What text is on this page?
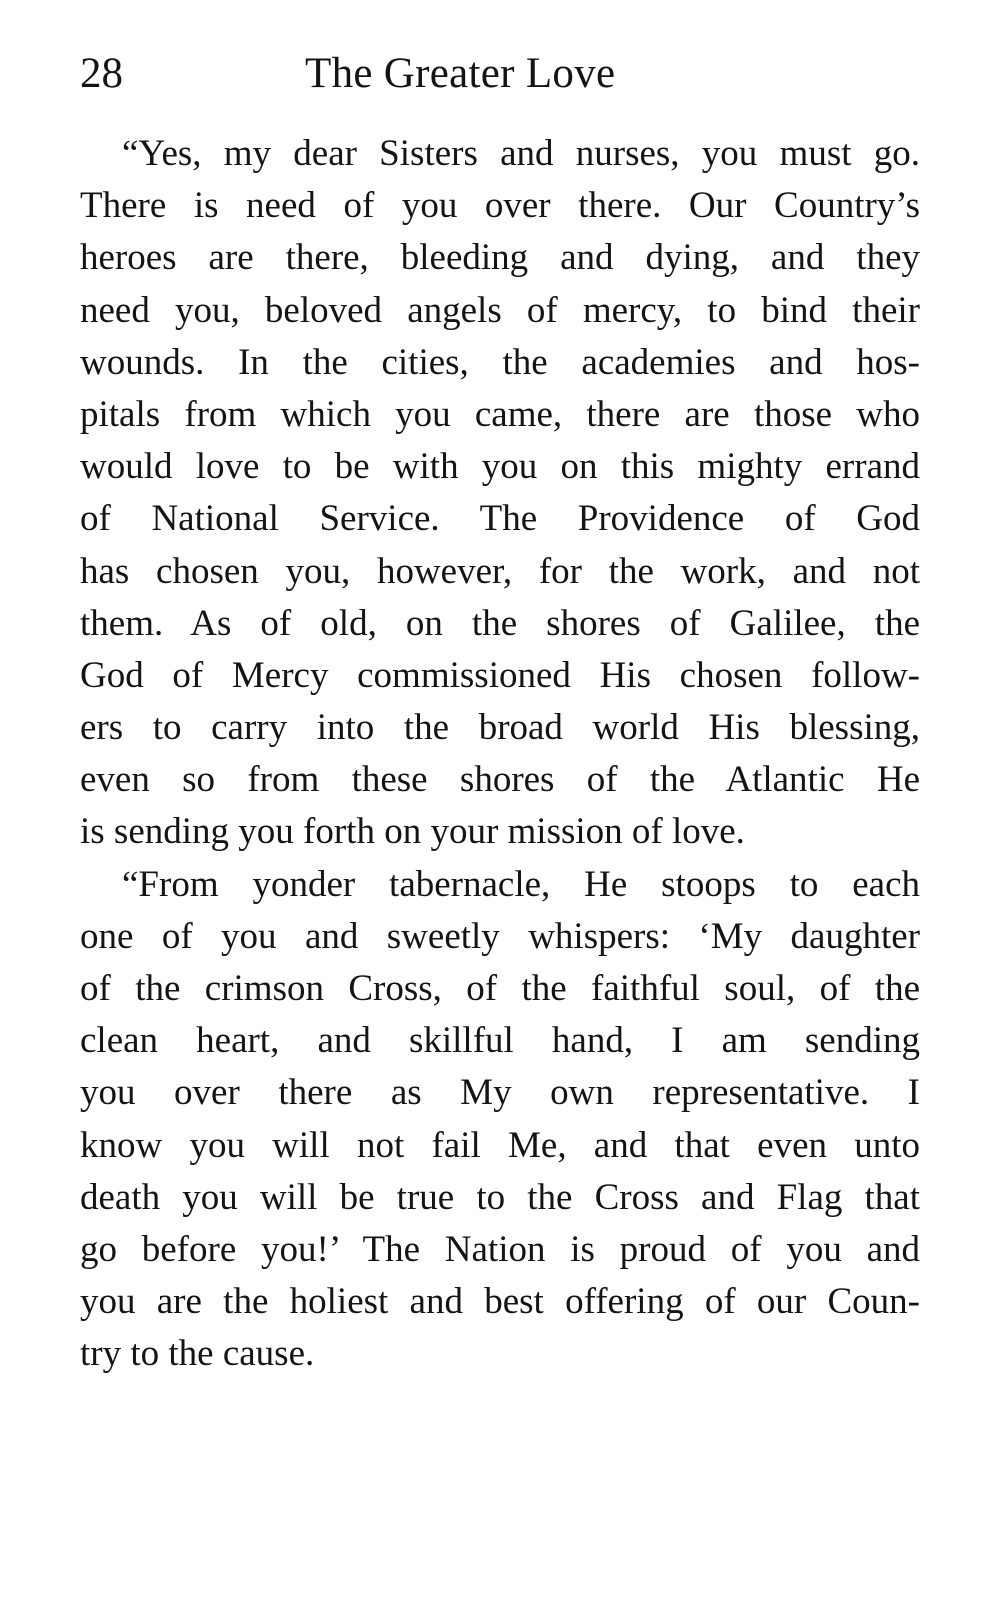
28	The Greater Love
“Yes, my dear Sisters and nurses, you must go.
There is need of you over there. Our Country’s
heroes are there, bleeding and dying, and they
need you, beloved angels of mercy, to bind their
wounds. In the cities, the academies and hos-
pitals from which you came, there are those who
would love to be with you on this mighty errand
of National Service. The Providence of God
has chosen you, however, for the work, and not
them. As of old, on the shores of Galilee, the
God of Mercy commissioned His chosen follow-
ers to carry into the broad world His blessing,
even so from these shores of the Atlantic He
is sending you forth on your mission of love.
“From yonder tabernacle, He stoops to each
one of you and sweetly whispers: ‘My daughter
of the crimson Cross, of the faithful soul, of the
clean heart, and skillful hand, I am sending
you over there as My own representative. I
know you will not fail Me, and that even unto
death you will be true to the Cross and Flag that
go before you!’ The Nation is proud of you and
you are the holiest and best offering of our Coun-
try to the cause.
